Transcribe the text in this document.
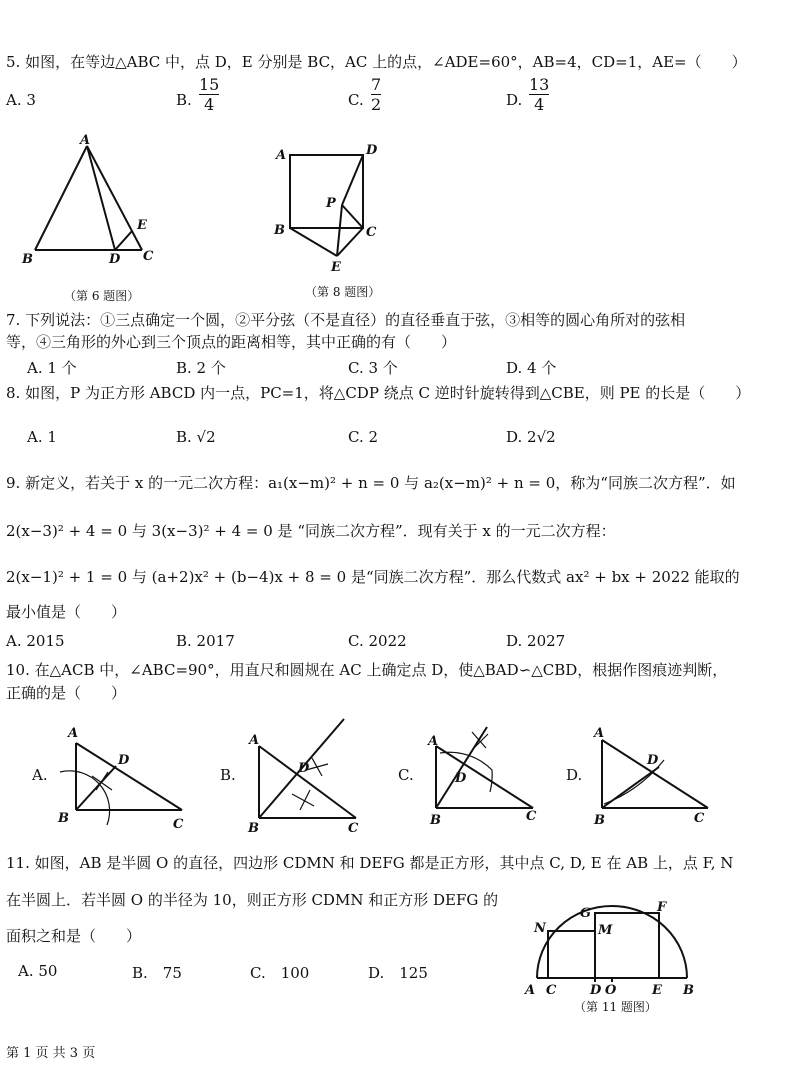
5. 如图，在等边△ABC 中，点 D，E 分别是 BC，AC 上的点，∠ADE=60°，AB=4，CD=1，AE=（　　）
A. 3	B.
15
4	C.
7
2	D.
13
4
A
B	D C
E
（第 6 题图）
A	D
P
B	C
E
（第 8 题图）
7. 下列说法：①三点确定一个圆，②平分弦（不是直径）的直径垂直于弦，③相等的圆心角所对的弦相
等，④三角形的外心到三个顶点的距离相等，其中正确的有（　　）
A. 1 个	B. 2 个	C. 3 个	D. 4 个
8. 如图，P 为正方形 ABCD 内一点，PC=1，将△CDP 绕点 C 逆时针旋转得到△CBE，则 PE 的长是（　　）
A. 1	B. √2	C. 2	D. 2√2
9. 新定义，若关于 x 的一元二次方程：a₁(x−m)² + n = 0 与 a₂(x−m)² + n = 0，称为“同族二次方程”．如
2(x−3)² + 4 = 0 与 3(x−3)² + 4 = 0 是 “同族二次方程”．现有关于 x 的一元二次方程：
2(x−1)² + 1 = 0 与 (a+2)x² + (b−4)x + 8 = 0 是“同族二次方程”．那么代数式 ax² + bx + 2022 能取的
最小值是（　　）
A. 2015	B. 2017	C. 2022	D. 2027
10. 在△ACB 中，∠ABC=90°，用直尺和圆规在 AC 上确定点 D，使△BAD∽△CBD，根据作图痕迹判断，
正确的是（　　）
A.	B.	C.	D.
A
D
B	C
A
D
B	C
A
D
B	C
A
D
B	C
11. 如图，AB 是半圆 O 的直径，四边形 CDMN 和 DEFG 都是正方形，其中点 C, D, E 在 AB 上，点 F, N
在半圆上．若半圆 O 的半径为 10，则正方形 CDMN 和正方形 DEFG 的
面积之和是（　　）
A. 50	B.　75	C.　100	D.　125
N
G	F
M
A C	D O	E B
（第 11 题图）
第 1 页 共 3 页
